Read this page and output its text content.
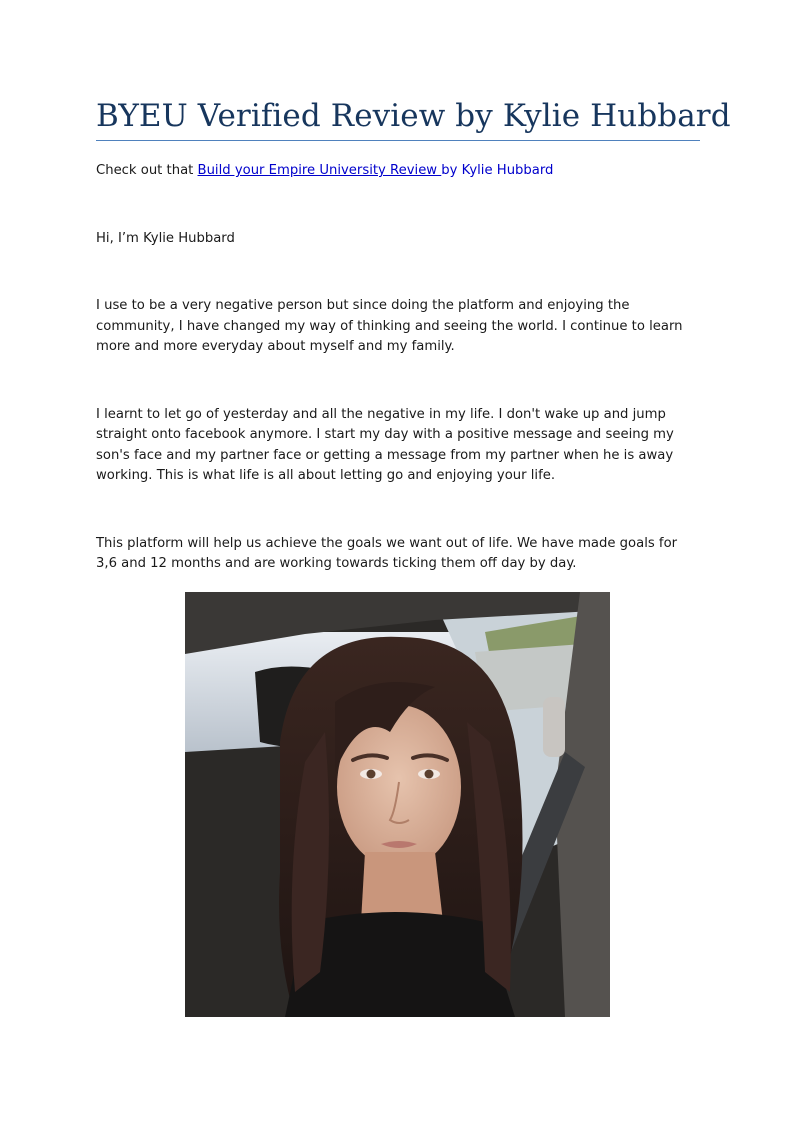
BYEU Verified Review by Kylie Hubbard

Check out that Build your Empire University Review by Kylie Hubbard

Hi, I’m Kylie Hubbard

I use to be a very negative person but since doing the platform and enjoying the community, I have changed my way of thinking and seeing the world. I continue to learn more and more everyday about myself and my family.

I learnt to let go of yesterday and all the negative in my life. I don't wake up and jump straight onto facebook anymore. I start my day with a positive message and seeing my son's face and my partner face or getting a message from my partner when he is away working. This is what life is all about letting go and enjoying your life.

This platform will help us achieve the goals we want out of life. We have made goals for 3,6 and 12 months and are working towards ticking them off day by day.
